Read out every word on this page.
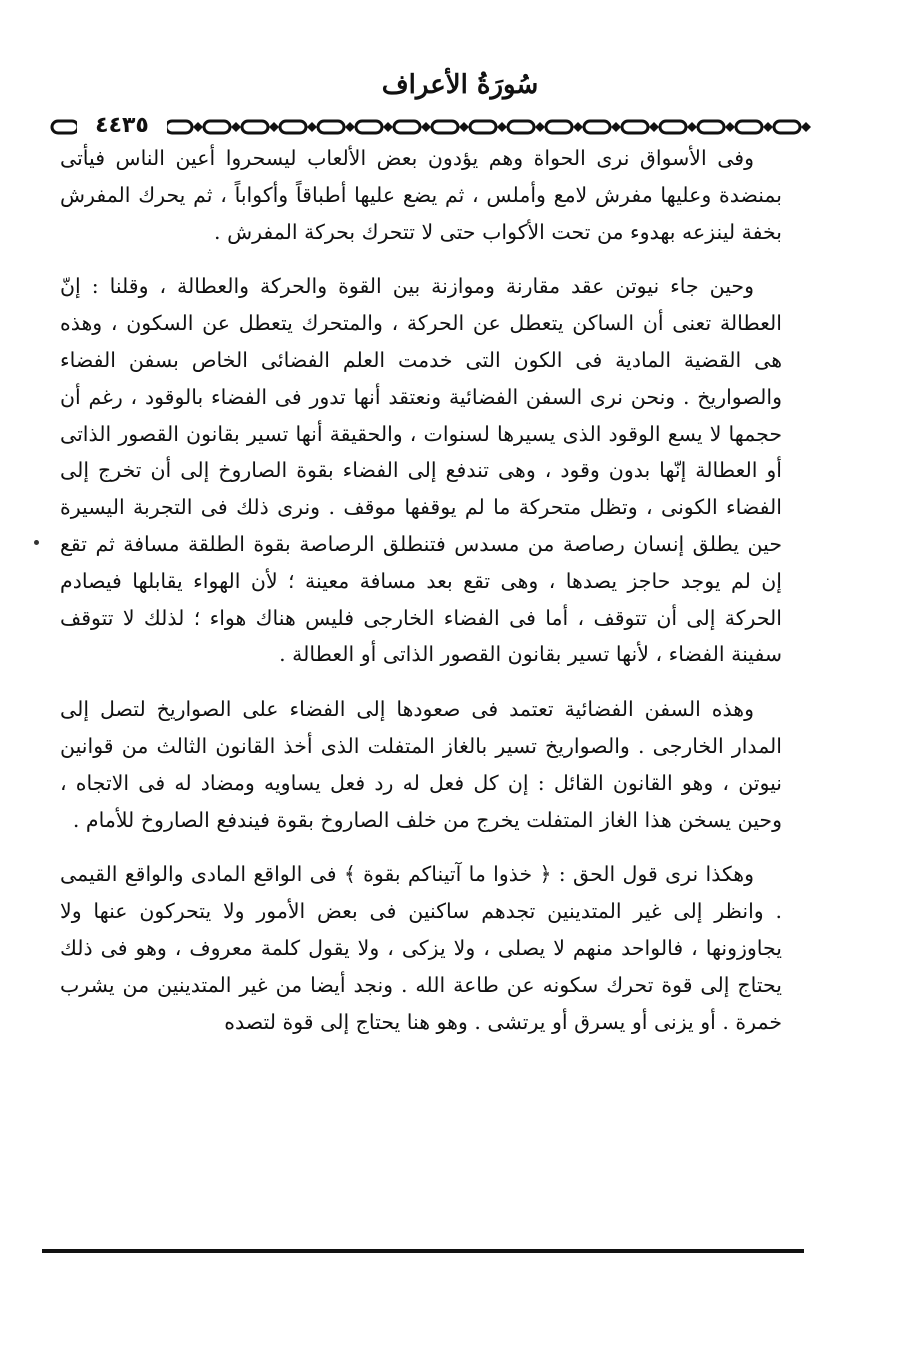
سُورَةُ الأعراف
٤٤٣٥

وفى الأسواق نرى الحواة وهم يؤدون بعض الألعاب ليسحروا أعين الناس فيأتى بمنضدة وعليها مفرش لامع وأملس ، ثم يضع عليها أطباقاً وأكواباً ، ثم يحرك المفرش بخفة لينزعه بهدوء من تحت الأكواب حتى لا تتحرك بحركة المفرش .

وحين جاء نيوتن عقد مقارنة وموازنة بين القوة والحركة والعطالة ، وقلنا : إنّ العطالة تعنى أن الساكن يتعطل عن الحركة ، والمتحرك يتعطل عن السكون ، وهذه هى القضية المادية فى الكون التى خدمت العلم الفضائى الخاص بسفن الفضاء والصواريخ . ونحن نرى السفن الفضائية ونعتقد أنها تدور فى الفضاء بالوقود ، رغم أن حجمها لا يسع الوقود الذى يسيرها لسنوات ، والحقيقة أنها تسير بقانون القصور الذاتى أو العطالة إنّها بدون وقود ، وهى تندفع إلى الفضاء بقوة الصاروخ إلى أن تخرج إلى الفضاء الكونى ، وتظل متحركة ما لم يوقفها موقف . ونرى ذلك فى التجربة اليسيرة حين يطلق إنسان رصاصة من مسدس فتنطلق الرصاصة بقوة الطلقة مسافة ثم تقع إن لم يوجد حاجز يصدها ، وهى تقع بعد مسافة معينة ؛ لأن الهواء يقابلها فيصادم الحركة إلى أن تتوقف ، أما فى الفضاء الخارجى فليس هناك هواء ؛ لذلك لا تتوقف سفينة الفضاء ، لأنها تسير بقانون القصور الذاتى أو العطالة .

وهذه السفن الفضائية تعتمد فى صعودها إلى الفضاء على الصواريخ لتصل إلى المدار الخارجى . والصواريخ تسير بالغاز المتفلت الذى أخذ القانون الثالث من قوانين نيوتن ، وهو القانون القائل : إن كل فعل له رد فعل يساويه ومضاد له فى الاتجاه ، وحين يسخن هذا الغاز المتفلت يخرج من خلف الصاروخ بقوة فيندفع الصاروخ للأمام .

وهكذا نرى قول الحق : ﴿ خذوا ما آتيناكم بقوة ﴾ فى الواقع المادى والواقع القيمى . وانظر إلى غير المتدينين تجدهم ساكنين فى بعض الأمور ولا يتحركون عنها ولا يجاوزونها ، فالواحد منهم لا يصلى ، ولا يزكى ، ولا يقول كلمة معروف ، وهو فى ذلك يحتاج إلى قوة تحرك سكونه عن طاعة الله . ونجد أيضا من غير المتدينين من يشرب خمرة . أو يزنى أو يسرق أو يرتشى . وهو هنا يحتاج إلى قوة لتصده
